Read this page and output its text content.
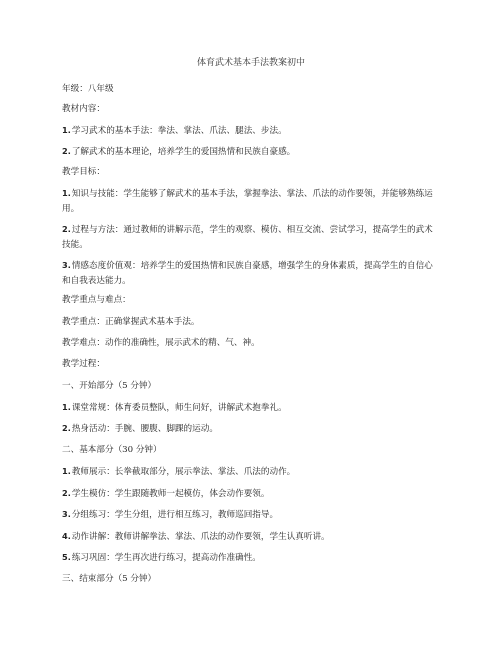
体育武术基本手法教案初中
年级：八年级
教材内容：
1.学习武术的基本手法：拳法、掌法、爪法、腿法、步法。
2.了解武术的基本理论，培养学生的爱国热情和民族自豪感。
教学目标：
1.知识与技能：学生能够了解武术的基本手法，掌握拳法、掌法、爪法的动作要领，并能够熟练运用。
2.过程与方法：通过教师的讲解示范，学生的观察、模仿、相互交流、尝试学习，提高学生的武术技能。
3.情感态度价值观：培养学生的爱国热情和民族自豪感，增强学生的身体素质，提高学生的自信心和自我表达能力。
教学重点与难点：
教学重点：正确掌握武术基本手法。
教学难点：动作的准确性，展示武术的精、气、神。
教学过程：
一、开始部分（5 分钟）
1.课堂常规：体育委员整队，师生问好，讲解武术抱拳礼。
2.热身活动：手腕、腰腹、脚踝的运动。
二、基本部分（30 分钟）
1.教师展示：长拳截取部分，展示拳法、掌法、爪法的动作。
2.学生模仿：学生跟随教师一起模仿，体会动作要领。
3.分组练习：学生分组，进行相互练习，教师巡回指导。
4.动作讲解：教师讲解拳法、掌法、爪法的动作要领，学生认真听讲。
5.练习巩固：学生再次进行练习，提高动作准确性。
三、结束部分（5 分钟）
